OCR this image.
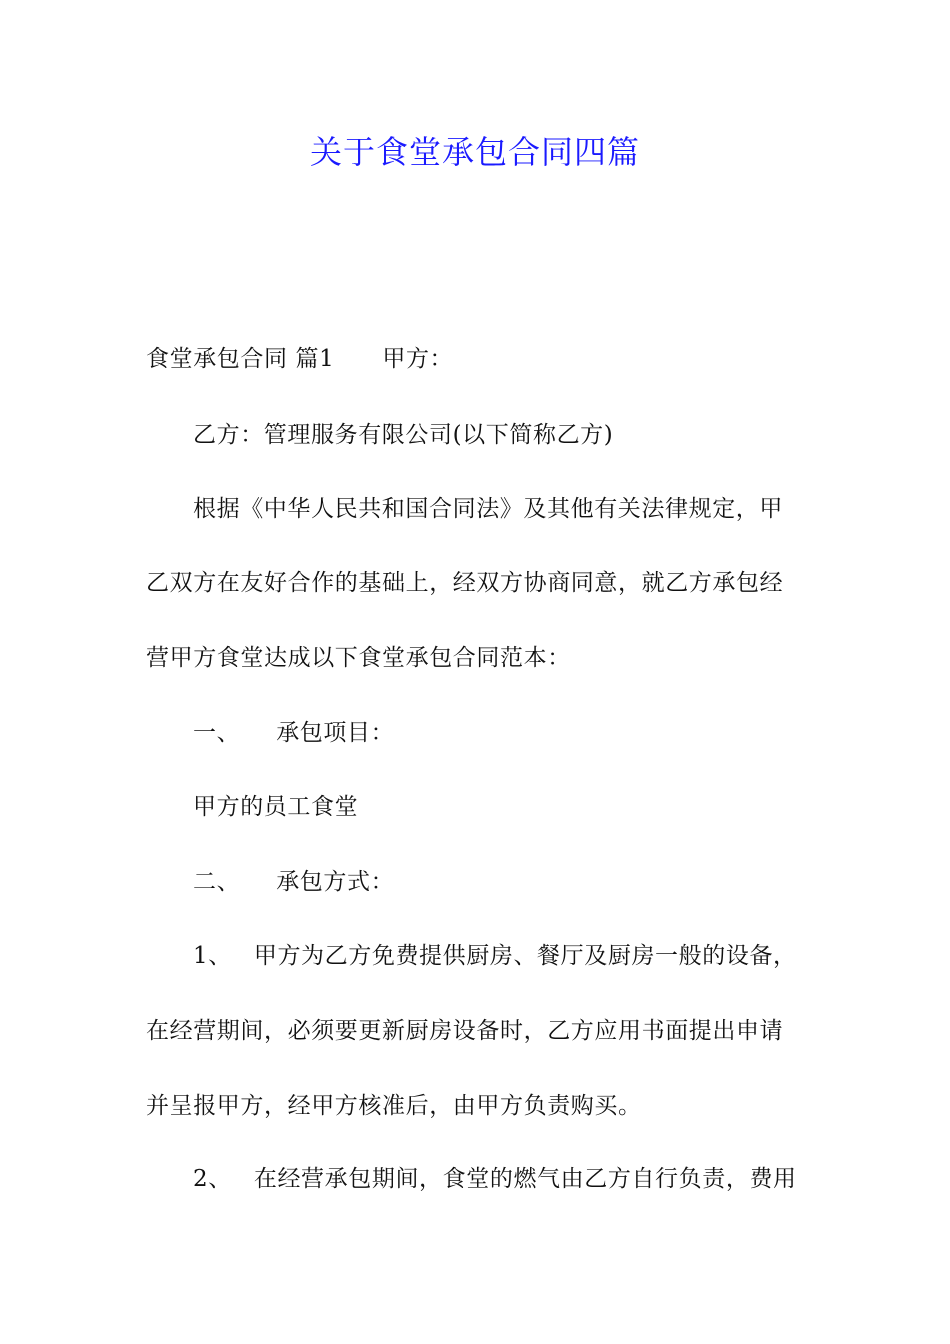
关于食堂承包合同四篇
食堂承包合同 篇1 甲方：
乙方：管理服务有限公司(以下简称乙方)
根据《中华人民共和国合同法》及其他有关法律规定，甲
乙双方在友好合作的基础上，经双方协商同意，就乙方承包经
营甲方食堂达成以下食堂承包合同范本：
一、 承包项目：
甲方的员工食堂
二、 承包方式：
1、 甲方为乙方免费提供厨房、餐厅及厨房一般的设备，
在经营期间，必须要更新厨房设备时，乙方应用书面提出申请
并呈报甲方，经甲方核准后，由甲方负责购买。
2、 在经营承包期间，食堂的燃气由乙方自行负责，费用
